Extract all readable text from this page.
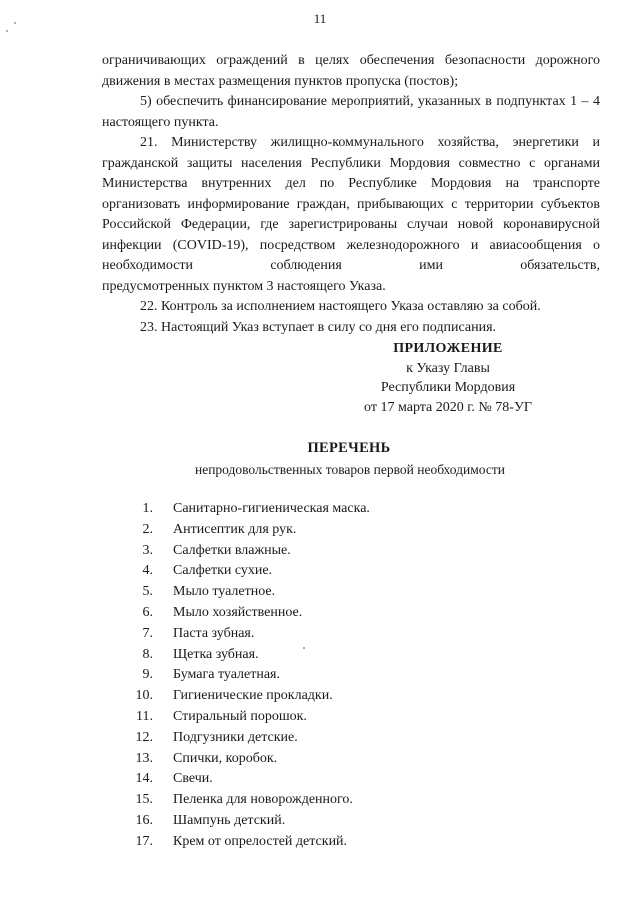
11

ограничивающих ограждений в целях обеспечения безопасности дорожного движения в местах размещения пунктов пропуска (постов);

5) обеспечить финансирование мероприятий, указанных в подпунктах 1 – 4 настоящего пункта.

21. Министерству жилищно-коммунального хозяйства, энергетики и гражданской защиты населения Республики Мордовия совместно с органами Министерства внутренних дел по Республике Мордовия на транспорте организовать информирование граждан, прибывающих с территории субъектов Российской Федерации, где зарегистрированы случаи новой коронавирусной инфекции (COVID-19), посредством железнодорожного и авиасообщения о необходимости соблюдения ими обязательств,

предусмотренных пунктом 3 настоящего Указа.

22. Контроль за исполнением настоящего Указа оставляю за собой.

23. Настоящий Указ вступает в силу со дня его подписания.

ПРИЛОЖЕНИЕ
к Указу Главы
Республики Мордовия
от 17 марта 2020 г. № 78-УГ
ПЕРЕЧЕНЬ
непродовольственных товаров первой необходимости
1. Санитарно-гигиеническая маска.
2. Антисептик для рук.
3. Салфетки влажные.
4. Салфетки сухие.
5. Мыло туалетное.
6. Мыло хозяйственное.
7. Паста зубная.
8. Щетка зубная.
9. Бумага туалетная.
10. Гигиенические прокладки.
11. Стиральный порошок.
12. Подгузники детские.
13. Спички, коробок.
14. Свечи.
15. Пеленка для новорожденного.
16. Шампунь детский.
17. Крем от опрелостей детский.
